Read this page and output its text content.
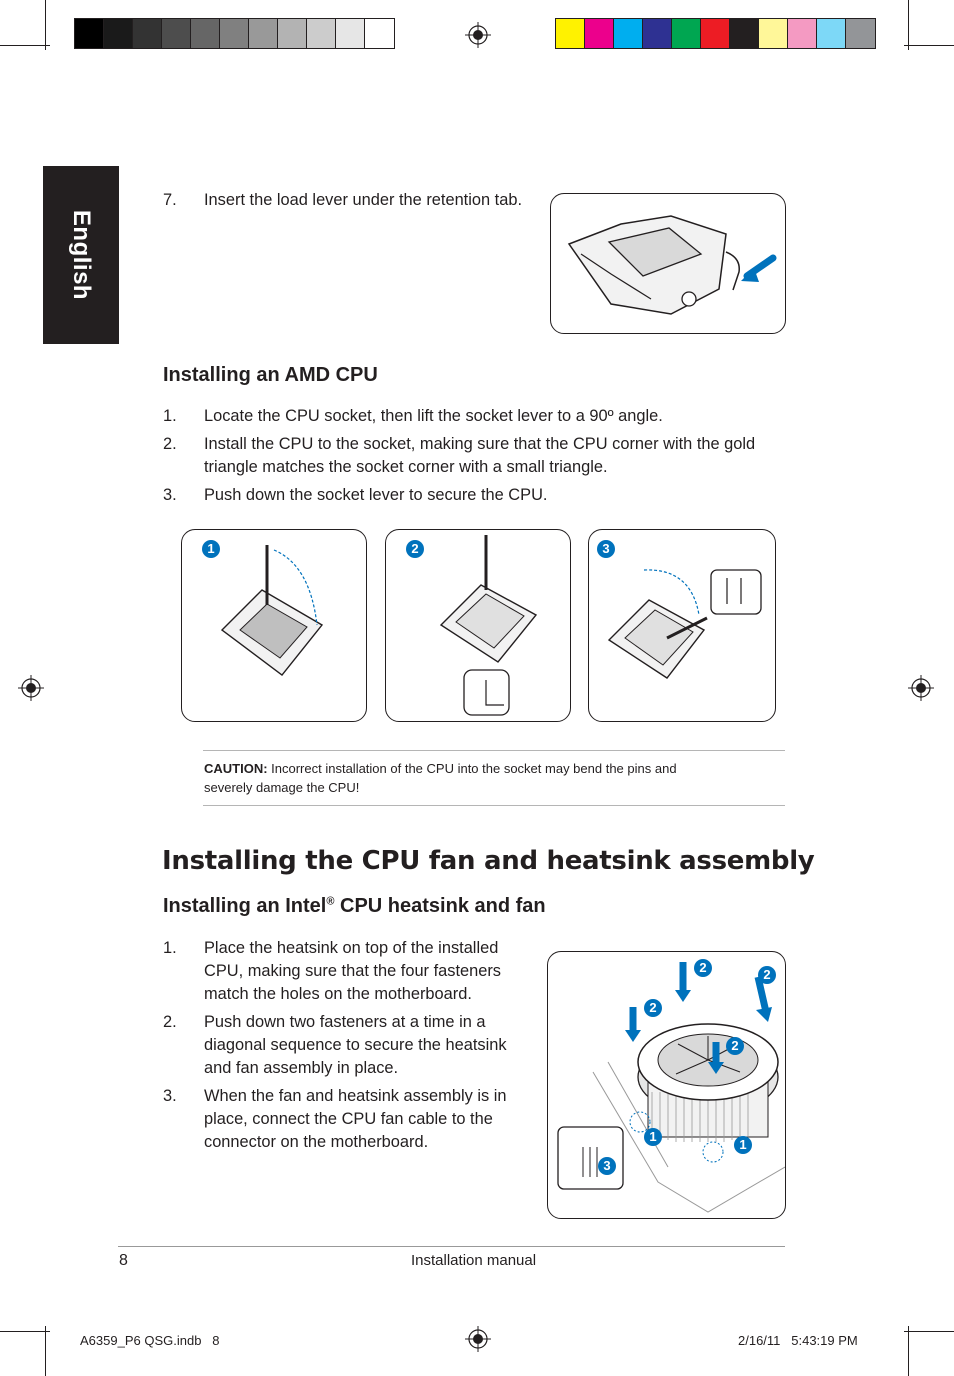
English
7. Insert the load lever under the retention tab.
Installing an AMD CPU
1. Locate the CPU socket, then lift the socket lever to a 90º angle.
2. Install the CPU to the socket, making sure that the CPU corner with the gold
triangle matches the socket corner with a small triangle.
3. Push down the socket lever to secure the CPU.
1	2	3
CAUTION: Incorrect installation of the CPU into the socket may bend the pins and
severely damage the CPU!
Installing the CPU fan and heatsink assembly
Installing an Intel® CPU heatsink and fan
1. Place the heatsink on top of the installed
CPU, making sure that the four fasteners
match the holes on the motherboard.
2. Push down two fasteners at a time in a
diagonal sequence to secure the heatsink
and fan assembly in place.
3. When the fan and heatsink assembly is in
place, connect the CPU fan cable to the
connector on the motherboard.
2	2
2
2
1
1
3
8	Installation manual
A6359_P6 QSG.indb   8	2/16/11   5:43:19 PM
